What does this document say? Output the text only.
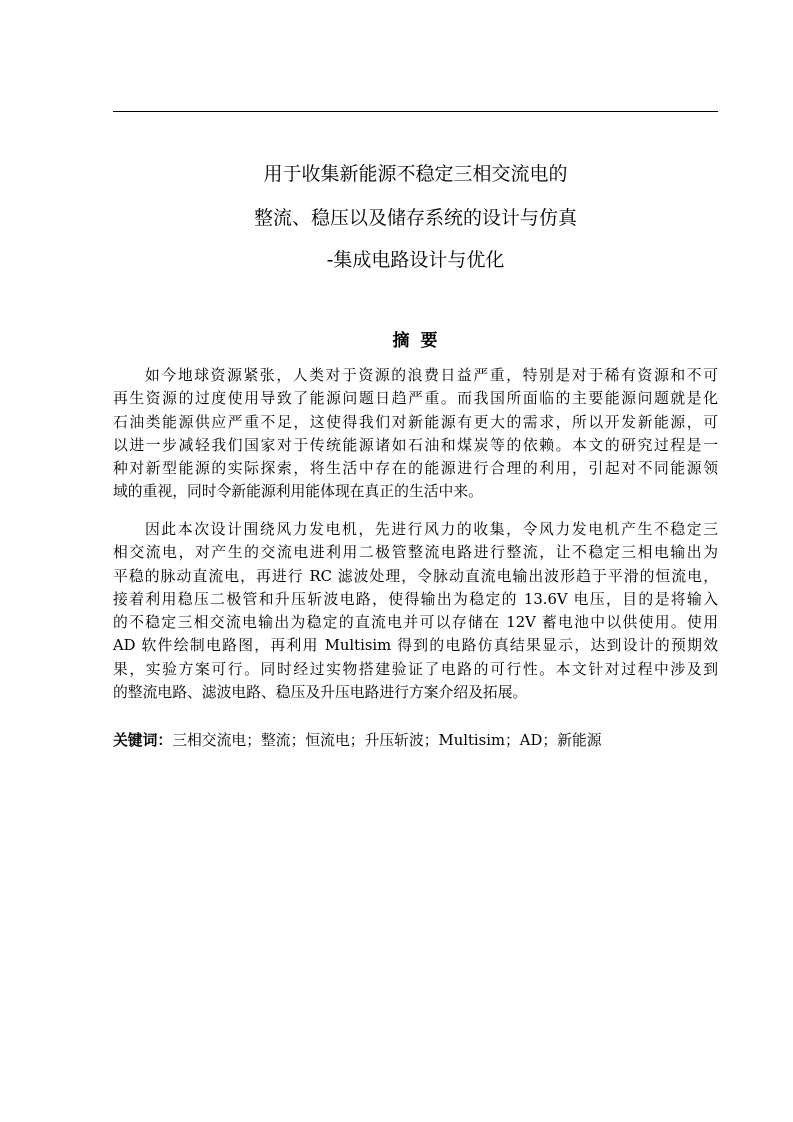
用于收集新能源不稳定三相交流电的
整流、稳压以及储存系统的设计与仿真
-集成电路设计与优化
摘 要
如今地球资源紧张，人类对于资源的浪费日益严重，特别是对于稀有资源和不可
再生资源的过度使用导致了能源问题日趋严重。而我国所面临的主要能源问题就是化
石油类能源供应严重不足，这使得我们对新能源有更大的需求，所以开发新能源，可
以进一步减轻我们国家对于传统能源诸如石油和煤炭等的依赖。本文的研究过程是一
种对新型能源的实际探索，将生活中存在的能源进行合理的利用，引起对不同能源领
域的重视，同时令新能源利用能体现在真正的生活中来。
因此本次设计围绕风力发电机，先进行风力的收集，令风力发电机产生不稳定三
相交流电，对产生的交流电进利用二极管整流电路进行整流，让不稳定三相电输出为
平稳的脉动直流电，再进行 RC 滤波处理，令脉动直流电输出波形趋于平滑的恒流电，
接着利用稳压二极管和升压斩波电路，使得输出为稳定的 13.6V 电压，目的是将输入
的不稳定三相交流电输出为稳定的直流电并可以存储在 12V 蓄电池中以供使用。使用
AD 软件绘制电路图，再利用 Multisim 得到的电路仿真结果显示，达到设计的预期效
果，实验方案可行。同时经过实物搭建验证了电路的可行性。本文针对过程中涉及到
的整流电路、滤波电路、稳压及升压电路进行方案介绍及拓展。
关键词：三相交流电；整流；恒流电；升压斩波；Multisim；AD；新能源
